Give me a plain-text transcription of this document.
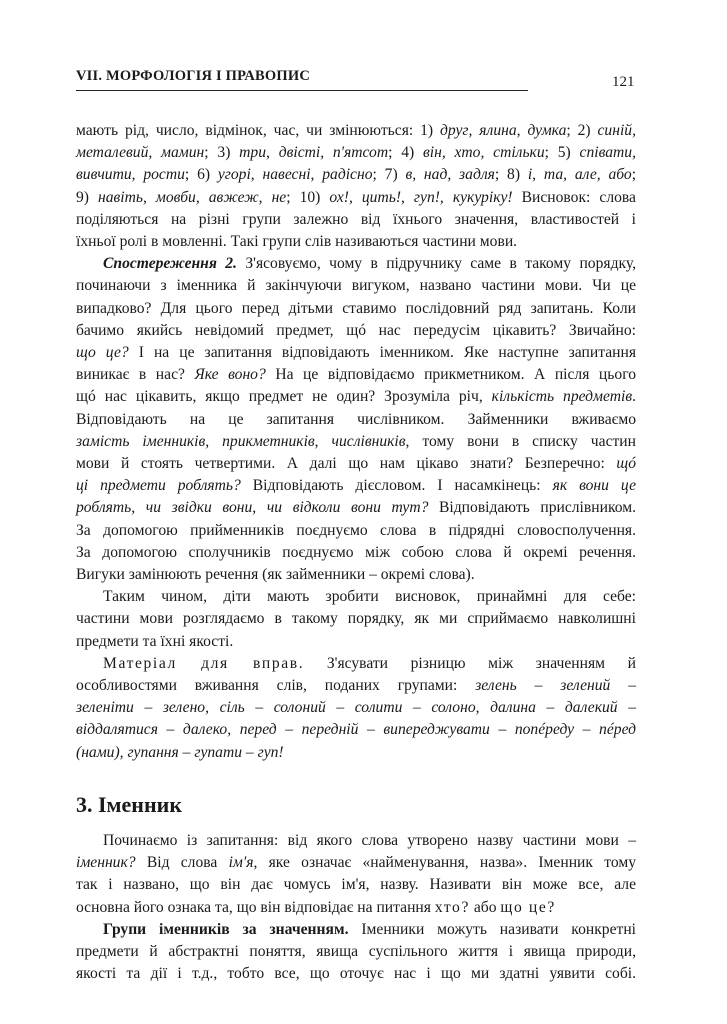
VII. МОРФОЛОГІЯ І ПРАВОПИС	121

мають рід, число, відмінок, час, чи змінюються: 1) друг, ялина, думка; 2) синій,

металевий, мамин; 3) три, двісті, п'ятсот; 4) він, хто, стільки; 5) співати,

вивчити, рости; 6) угорі, навесні, радісно; 7) в, над, задля; 8) і, та, але, або;

9) навіть, мовби, авжеж, не; 10) ох!, цить!, гуп!, кукуріку! Висновок: слова

поділяються на різні групи залежно від їхнього значення, властивостей і

їхньої ролі в мовленні. Такі групи слів називаються частини мови.

Спостереження 2. З'ясовуємо, чому в підручнику саме в такому порядку,

починаючи з іменника й закінчуючи вигуком, названо частини мови. Чи це

випадково? Для цього перед дітьми ставимо послідовний ряд запитань. Коли

бачимо якийсь невідомий предмет, щó нас передусім цікавить? Звичайно:

що це? І на це запитання відповідають іменником. Яке наступне запитання

виникає в нас? Яке воно? На це відповідаємо прикметником. А після цього

щó нас цікавить, якщо предмет не один? Зрозуміла річ, кількість предметів.

Відповідають на це запитання числівником. Займенники вживаємо

замість іменників, прикметників, числівників, тому вони в списку частин

мови й стоять четвертими. А далі що нам цікаво знати? Безперечно: щó

ці предмети роблять? Відповідають дієсловом. І насамкінець: як вони це

роблять, чи звідки вони, чи відколи вони тут? Відповідають прислівником.

За допомогою прийменників поєднуємо слова в підрядні словосполучення.

За допомогою сполучників поєднуємо між собою слова й окремі речення.

Вигуки замінюють речення (як займенники – окремі слова).

Таким чином, діти мають зробити висновок, принаймні для себе:

частини мови розглядаємо в такому порядку, як ми сприймаємо навколишні

предмети та їхні якості.

Матеріал для вправ. З'ясувати різницю між значенням й

особливостями вживання слів, поданих групами: зелень – зелений –

зеленіти – зелено, сіль – солоний – солити – солоно, далина – далекий –

віддалятися – далеко, перед – передній – випереджувати – попéреду – пéред

(нами), гупання – гупати – гуп!

3. Іменник

Починаємо із запитання: від якого слова утворено назву частини мови –

іменник? Від слова ім'я, яке означає «найменування, назва». Іменник тому

так і названо, що він дає чомусь ім'я, назву. Називати він може все, але

основна його ознака та, що він відповідає на питання хто? або що це?

Групи іменників за значенням. Іменники можуть називати конкретні

предмети й абстрактні поняття, явища суспільного життя і явища природи,

якості та дії і т.д., тобто все, що оточує нас і що ми здатні уявити собі.
